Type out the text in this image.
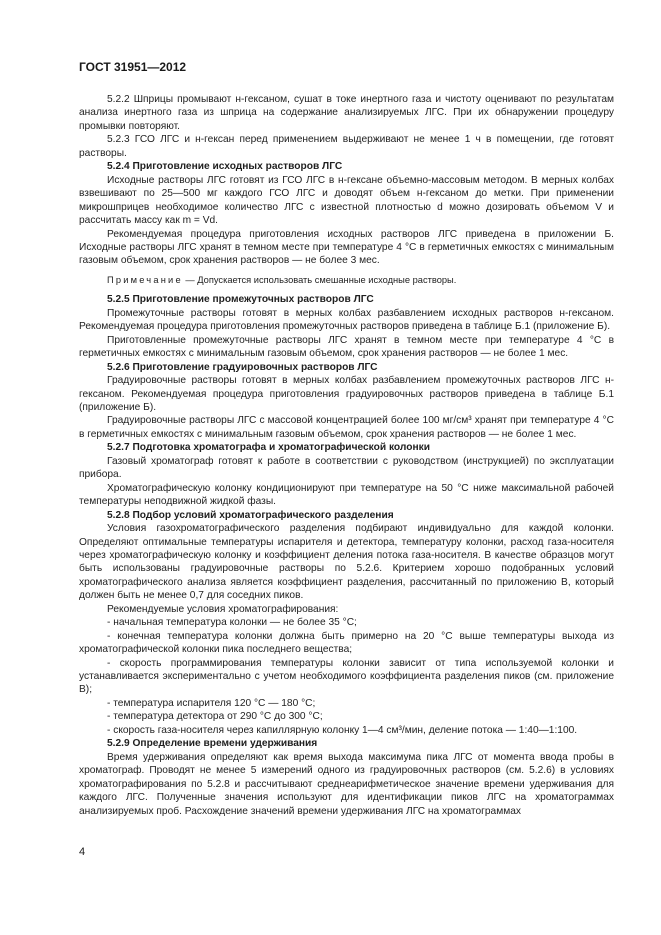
ГОСТ 31951—2012

5.2.2 Шприцы промывают н-гексаном, сушат в токе инертного газа и чистоту оценивают по результатам анализа инертного газа из шприца на содержание анализируемых ЛГС. При их обнаружении процедуру промывки повторяют.

5.2.3 ГСО ЛГС и н-гексан перед применением выдерживают не менее 1 ч в помещении, где готовят растворы.

5.2.4 Приготовление исходных растворов ЛГС

Исходные растворы ЛГС готовят из ГСО ЛГС в н-гексане объемно-массовым методом. В мерных колбах взвешивают по 25—500 мг каждого ГСО ЛГС и доводят объем н-гексаном до метки. При применении микрошприцев необходимое количество ЛГС с известной плотностью d можно дозировать объемом V и рассчитать массу как m = Vd.

Рекомендуемая процедура приготовления исходных растворов ЛГС приведена в приложении Б. Исходные растворы ЛГС хранят в темном месте при температуре 4 °С в герметичных емкостях с минимальным газовым объемом, срок хранения растворов — не более 3 мес.

Примечание — Допускается использовать смешанные исходные растворы.

5.2.5 Приготовление промежуточных растворов ЛГС

Промежуточные растворы готовят в мерных колбах разбавлением исходных растворов н-гексаном. Рекомендуемая процедура приготовления промежуточных растворов приведена в таблице Б.1 (приложение Б).

Приготовленные промежуточные растворы ЛГС хранят в темном месте при температуре 4 °С в герметичных емкостях с минимальным газовым объемом, срок хранения растворов — не более 1 мес.

5.2.6 Приготовление градуировочных растворов ЛГС

Градуировочные растворы готовят в мерных колбах разбавлением промежуточных растворов ЛГС н-гексаном. Рекомендуемая процедура приготовления градуировочных растворов приведена в таблице Б.1 (приложение Б).

Градуировочные растворы ЛГС с массовой концентрацией более 100 мг/см³ хранят при температуре 4 °С в герметичных емкостях с минимальным газовым объемом, срок хранения растворов — не более 1 мес.

5.2.7 Подготовка хроматографа и хроматографической колонки

Газовый хроматограф готовят к работе в соответствии с руководством (инструкцией) по эксплуатации прибора.

Хроматографическую колонку кондиционируют при температуре на 50 °С ниже максимальной рабочей температуры неподвижной жидкой фазы.

5.2.8 Подбор условий хроматографического разделения

Условия газохроматографического разделения подбирают индивидуально для каждой колонки. Определяют оптимальные температуры испарителя и детектора, температуру колонки, расход газа-носителя через хроматографическую колонку и коэффициент деления потока газа-носителя. В качестве образцов могут быть использованы градуировочные растворы по 5.2.6. Критерием хорошо подобранных условий хроматографического анализа является коэффициент разделения, рассчитанный по приложению В, который должен быть не менее 0,7 для соседних пиков.

Рекомендуемые условия хроматографирования:

- начальная температура колонки — не более 35 °С;

- конечная температура колонки должна быть примерно на 20 °С выше температуры выхода из хроматографической колонки пика последнего вещества;

- скорость программирования температуры колонки зависит от типа используемой колонки и устанавливается экспериментально с учетом необходимого коэффициента разделения пиков (см. приложение В);

- температура испарителя 120 °С — 180 °С;

- температура детектора от 290 °С до 300 °С;

- скорость газа-носителя через капиллярную колонку 1—4 см³/мин, деление потока — 1:40—1:100.

5.2.9 Определение времени удерживания

Время удерживания определяют как время выхода максимума пика ЛГС от момента ввода пробы в хроматограф. Проводят не менее 5 измерений одного из градуировочных растворов (см. 5.2.6) в условиях хроматографирования по 5.2.8 и рассчитывают среднеарифметическое значение времени удерживания для каждого ЛГС. Полученные значения используют для идентификации пиков ЛГС на хроматограммах анализируемых проб. Расхождение значений времени удерживания ЛГС на хроматограммах

4
